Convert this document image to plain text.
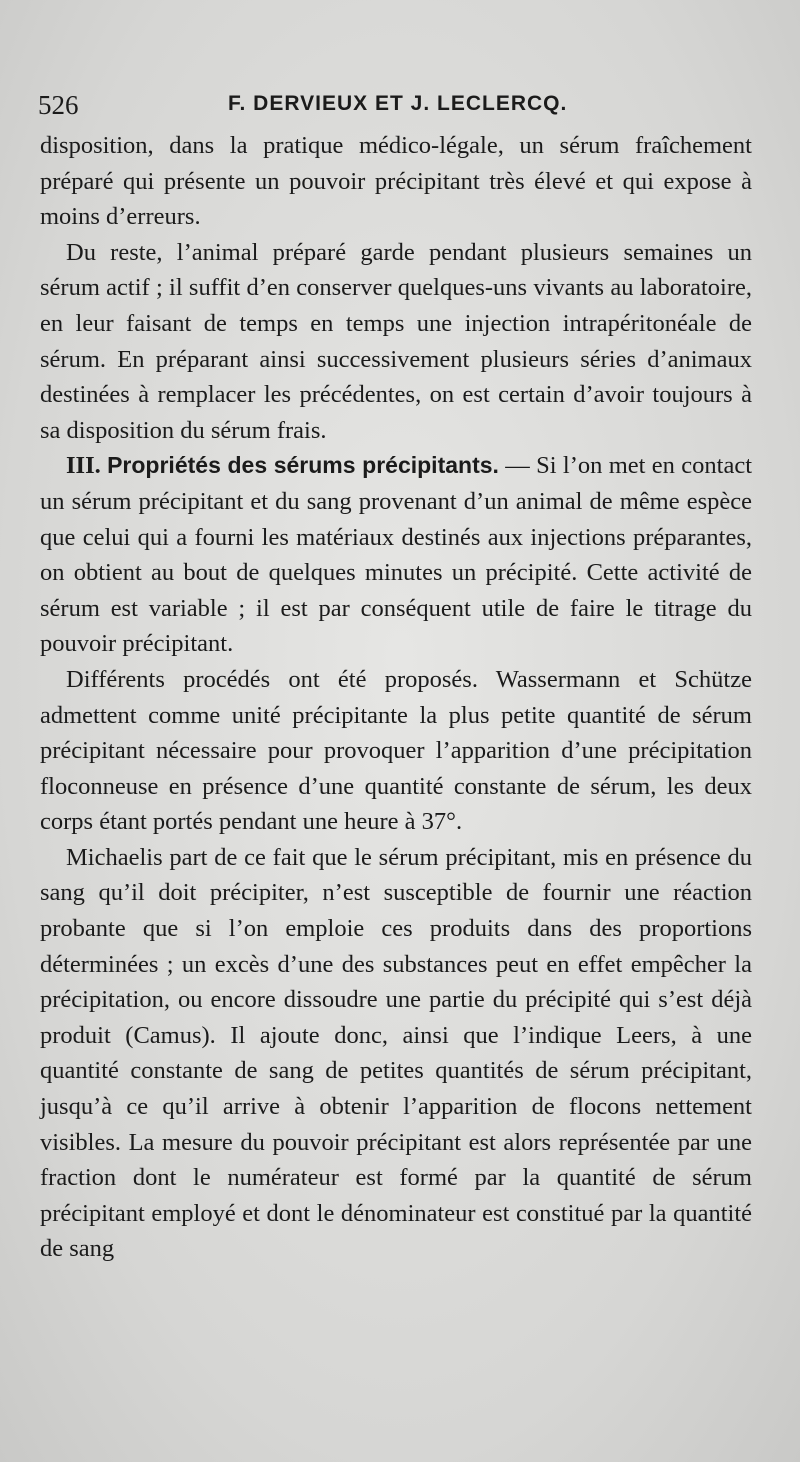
526	F. DERVIEUX ET J. LECLERCQ.

disposition, dans la pratique médico-légale, un sérum fraîchement préparé qui présente un pouvoir précipitant très élevé et qui expose à moins d’erreurs.

Du reste, l’animal préparé garde pendant plusieurs semaines un sérum actif ; il suffit d’en conserver quelques-uns vivants au laboratoire, en leur faisant de temps en temps une injection intrapéritonéale de sérum. En préparant ainsi successivement plusieurs séries d’animaux destinées à remplacer les précédentes, on est certain d’avoir toujours à sa disposition du sérum frais.

III. Propriétés des sérums précipitants. — Si l’on met en contact un sérum précipitant et du sang provenant d’un animal de même espèce que celui qui a fourni les matériaux destinés aux injections préparantes, on obtient au bout de quelques minutes un précipité. Cette activité de sérum est variable ; il est par conséquent utile de faire le titrage du pouvoir précipitant.

Différents procédés ont été proposés. Wassermann et Schütze admettent comme unité précipitante la plus petite quantité de sérum précipitant nécessaire pour provoquer l’apparition d’une précipitation floconneuse en présence d’une quantité constante de sérum, les deux corps étant portés pendant une heure à 37°.

Michaelis part de ce fait que le sérum précipitant, mis en présence du sang qu’il doit précipiter, n’est susceptible de fournir une réaction probante que si l’on emploie ces produits dans des proportions déterminées ; un excès d’une des substances peut en effet empêcher la précipitation, ou encore dissoudre une partie du précipité qui s’est déjà produit (Camus). Il ajoute donc, ainsi que l’indique Leers, à une quantité constante de sang de petites quantités de sérum précipitant, jusqu’à ce qu’il arrive à obtenir l’apparition de flocons nettement visibles. La mesure du pouvoir précipitant est alors représentée par une fraction dont le numérateur est formé par la quantité de sérum précipitant employé et dont le dénominateur est constitué par la quantité de sang
